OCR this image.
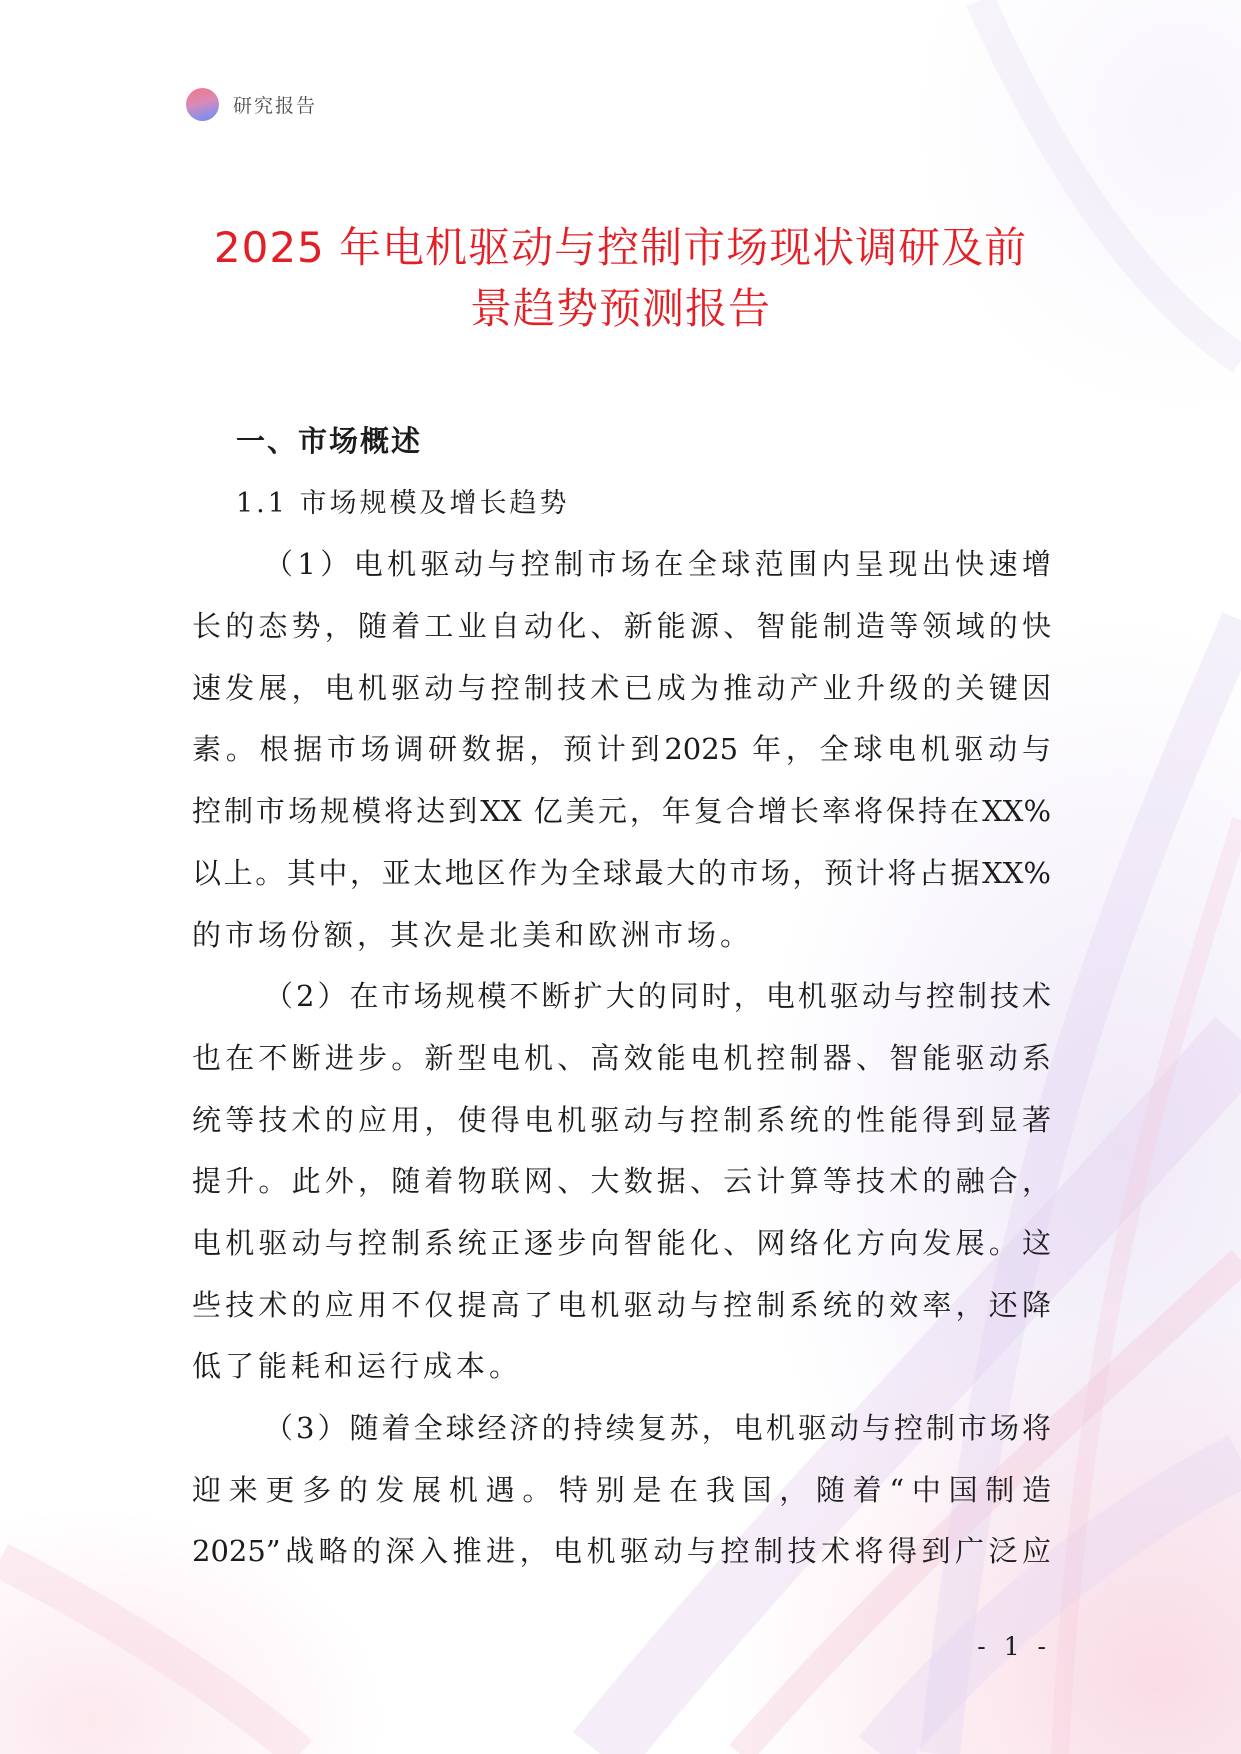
研究报告
2025 年电机驱动与控制市场现状调研及前
景趋势预测报告
一、市场概述
1.1 市场规模及增长趋势
（1）电机驱动与控制市场在全球范围内呈现出快速增
长的态势，随着工业自动化、新能源、智能制造等领域的快
速发展，电机驱动与控制技术已成为推动产业升级的关键因
素。根据市场调研数据，预计到2025 年，全球电机驱动与
控制市场规模将达到XX 亿美元，年复合增长率将保持在XX%
以上。其中，亚太地区作为全球最大的市场，预计将占据XX%
的市场份额，其次是北美和欧洲市场。
（2）在市场规模不断扩大的同时，电机驱动与控制技术
也在不断进步。新型电机、高效能电机控制器、智能驱动系
统等技术的应用，使得电机驱动与控制系统的性能得到显著
提升。此外，随着物联网、大数据、云计算等技术的融合，
电机驱动与控制系统正逐步向智能化、网络化方向发展。这
些技术的应用不仅提高了电机驱动与控制系统的效率，还降
低了能耗和运行成本。
（3）随着全球经济的持续复苏，电机驱动与控制市场将
迎来更多的发展机遇。特别是在我国，随着“中国制造
2025”战略的深入推进，电机驱动与控制技术将得到广泛应
- 1 -
